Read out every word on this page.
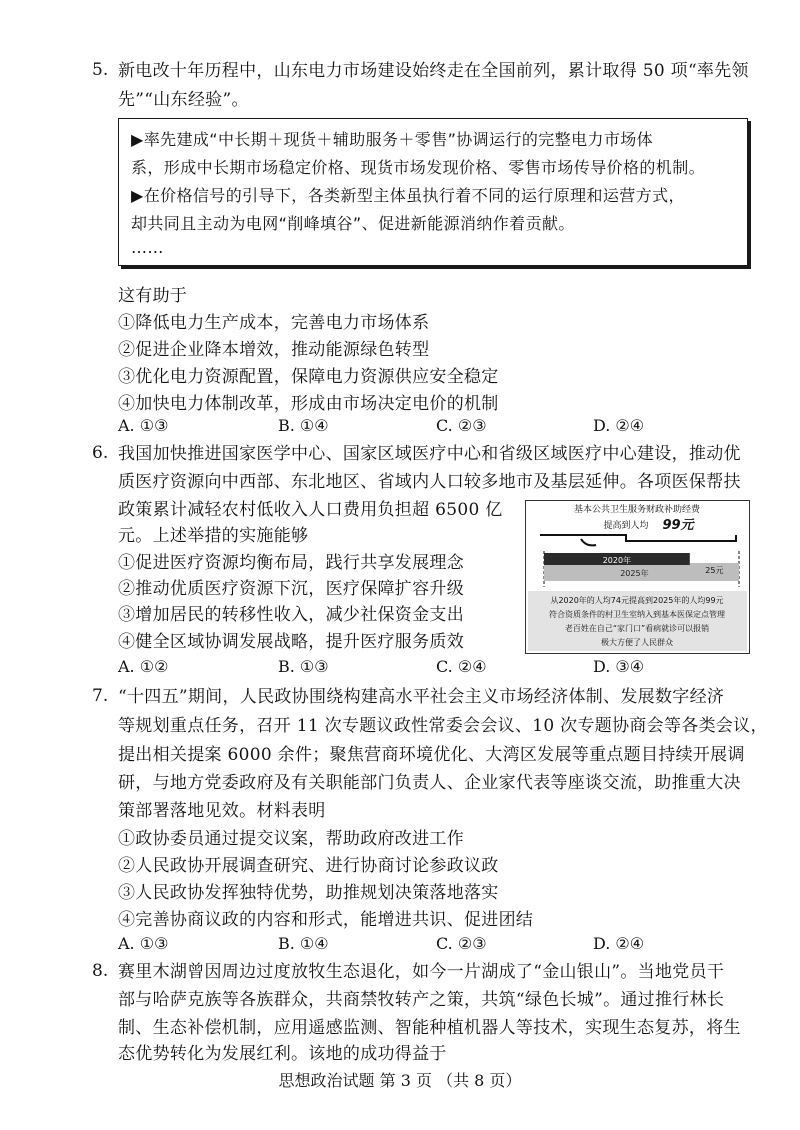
5. 新电改十年历程中，山东电力市场建设始终走在全国前列，累计取得 50 项“率先领
先”“山东经验”。
▶率先建成“中长期＋现货＋辅助服务＋零售”协调运行的完整电力市场体
系，形成中长期市场稳定价格、现货市场发现价格、零售市场传导价格的机制。
▶在价格信号的引导下，各类新型主体虽执行着不同的运行原理和运营方式，
却共同且主动为电网“削峰填谷”、促进新能源消纳作着贡献。
……
这有助于
①降低电力生产成本，完善电力市场体系
②促进企业降本增效，推动能源绿色转型
③优化电力资源配置，保障电力资源供应安全稳定
④加快电力体制改革，形成由市场决定电价的机制
A. ①③	B. ①④	C. ②③	D. ②④
6. 我国加快推进国家医学中心、国家区域医疗中心和省级区域医疗中心建设，推动优
质医疗资源向中西部、东北地区、省域内人口较多地市及基层延伸。各项医保帮扶
政策累计减轻农村低收入人口费用负担超 6500 亿
元。上述举措的实施能够
①促进医疗资源均衡布局，践行共享发展理念
②推动优质医疗资源下沉，医疗保障扩容升级
③增加居民的转移性收入，减少社保资金支出
④健全区域协调发展战略，提升医疗服务质效
A. ①②	B. ①③	C. ②④	D. ③④
基本公共卫生服务财政补助经费
提高到人均 99元
2020年
2025年	25元
从2020年的人均74元提高到2025年的人均99元
符合资质条件的村卫生室纳入到基本医保定点管理
老百姓在自己“家门口”看病就诊可以报销
极大方便了人民群众
7. “十四五”期间，人民政协围绕构建高水平社会主义市场经济体制、发展数字经济
等规划重点任务，召开 11 次专题议政性常委会会议、10 次专题协商会等各类会议，
提出相关提案 6000 余件；聚焦营商环境优化、大湾区发展等重点题目持续开展调
研，与地方党委政府及有关职能部门负责人、企业家代表等座谈交流，助推重大决
策部署落地见效。材料表明
①政协委员通过提交议案，帮助政府改进工作
②人民政协开展调查研究、进行协商讨论参政议政
③人民政协发挥独特优势，助推规划决策落地落实
④完善协商议政的内容和形式，能增进共识、促进团结
A. ①③	B. ①④	C. ②③	D. ②④
8. 赛里木湖曾因周边过度放牧生态退化，如今一片湖成了“金山银山”。当地党员干
部与哈萨克族等各族群众，共商禁牧转产之策，共筑“绿色长城”。通过推行林长
制、生态补偿机制，应用遥感监测、智能种植机器人等技术，实现生态复苏，将生
态优势转化为发展红利。该地的成功得益于
思想政治试题 第 3 页 （共 8 页）
